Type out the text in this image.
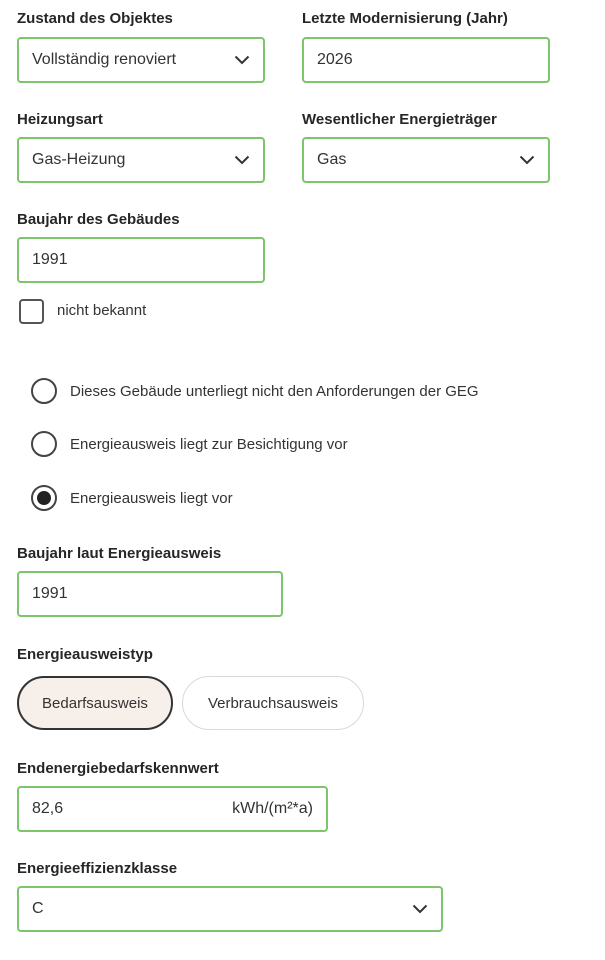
Zustand des Objektes
Vollständig renoviert
Letzte Modernisierung (Jahr)
2026
Heizungsart
Gas-Heizung
Wesentlicher Energieträger
Gas
Baujahr des Gebäudes
1991
nicht bekannt
Dieses Gebäude unterliegt nicht den Anforderungen der GEG
Energieausweis liegt zur Besichtigung vor
Energieausweis liegt vor
Baujahr laut Energieausweis
1991
Energieausweistyp
Bedarfsausweis	Verbrauchsausweis
Endenergiebedarfskennwert
82,6	kWh/(m²*a)
Energieeffizienzklasse
C
